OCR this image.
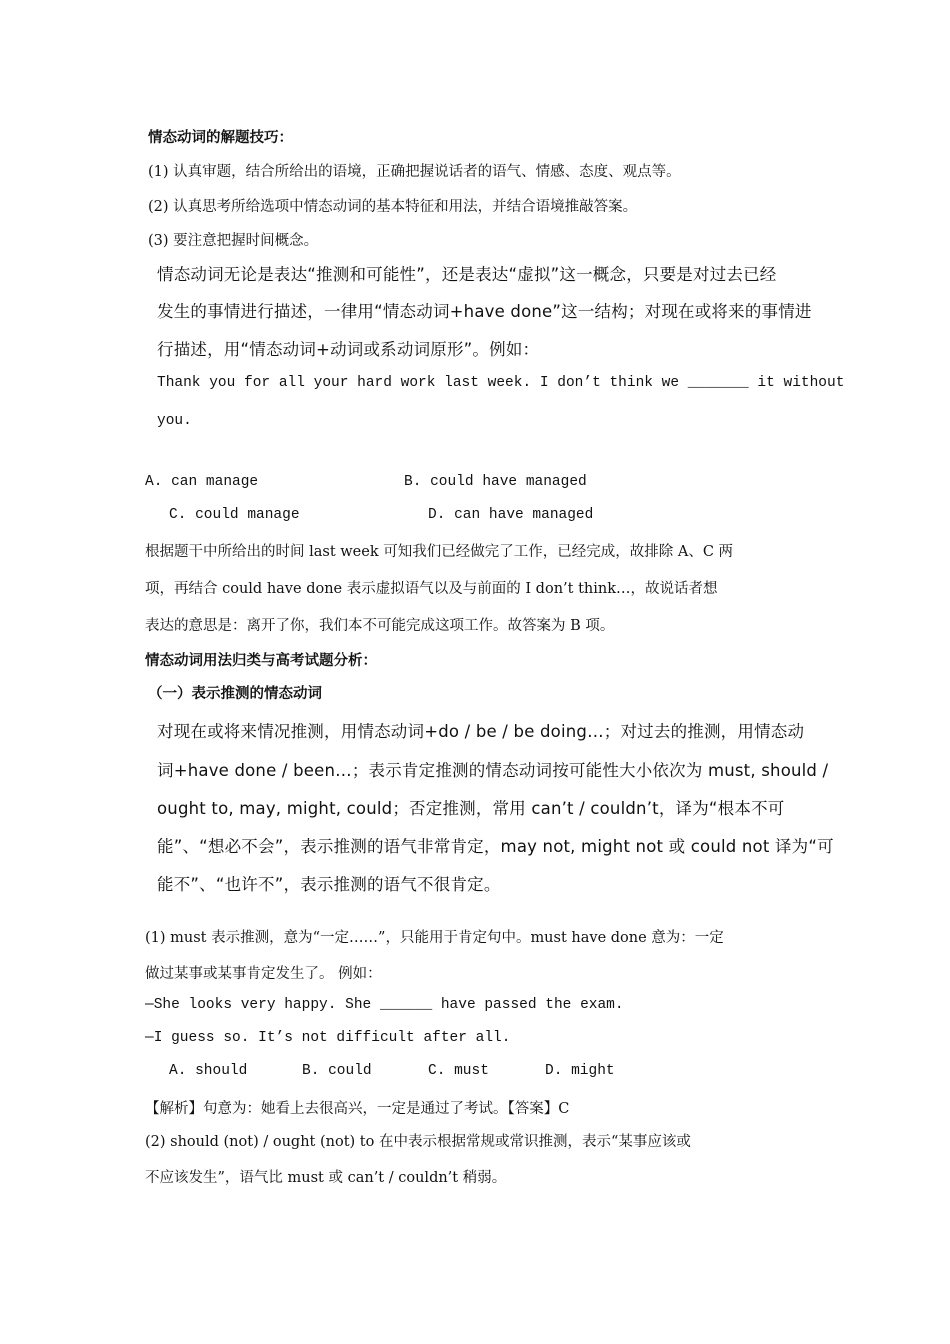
情态动词的解题技巧：
(1) 认真审题，结合所给出的语境，正确把握说话者的语气、情感、态度、观点等。
(2) 认真思考所给选项中情态动词的基本特征和用法，并结合语境推敲答案。
(3) 要注意把握时间概念。
情态动词无论是表达“推测和可能性”，还是表达“虚拟”这一概念，只要是对过去已经
发生的事情进行描述，一律用“情态动词+have done”这一结构；对现在或将来的事情进
行描述，用“情态动词+动词或系动词原形”。例如：
Thank you for all your hard work last week. I don’t think we _______ it without
you.
A. can manage	B. could have managed
C. could manage	D. can have managed
根据题干中所给出的时间 last week 可知我们已经做完了工作，已经完成，故排除 A、C 两
项，再结合 could have done 表示虚拟语气以及与前面的 I don’t think…，故说话者想
表达的意思是：离开了你，我们本不可能完成这项工作。故答案为 B 项。
情态动词用法归类与高考试题分析：
（一）表示推测的情态动词
对现在或将来情况推测，用情态动词+do / be / be doing…；对过去的推测，用情态动
词+have done / been…；表示肯定推测的情态动词按可能性大小依次为 must, should /
ought to, may, might, could；否定推测，常用 can’t / couldn’t，译为“根本不可
能”、“想必不会”，表示推测的语气非常肯定，may not, might not 或 could not 译为“可
能不”、“也许不”，表示推测的语气不很肯定。
(1) must 表示推测，意为“一定……”，只能用于肯定句中。must have done 意为：一定
做过某事或某事肯定发生了。 例如：
—She looks very happy. She ______ have passed the exam.
—I guess so. It’s not difficult after all.
A. should	B. could	C. must	D. might
【解析】句意为：她看上去很高兴，一定是通过了考试。【答案】C
(2) should (not) / ought (not) to 在中表示根据常规或常识推测，表示“某事应该或
不应该发生”，语气比 must 或 can’t / couldn’t 稍弱。
